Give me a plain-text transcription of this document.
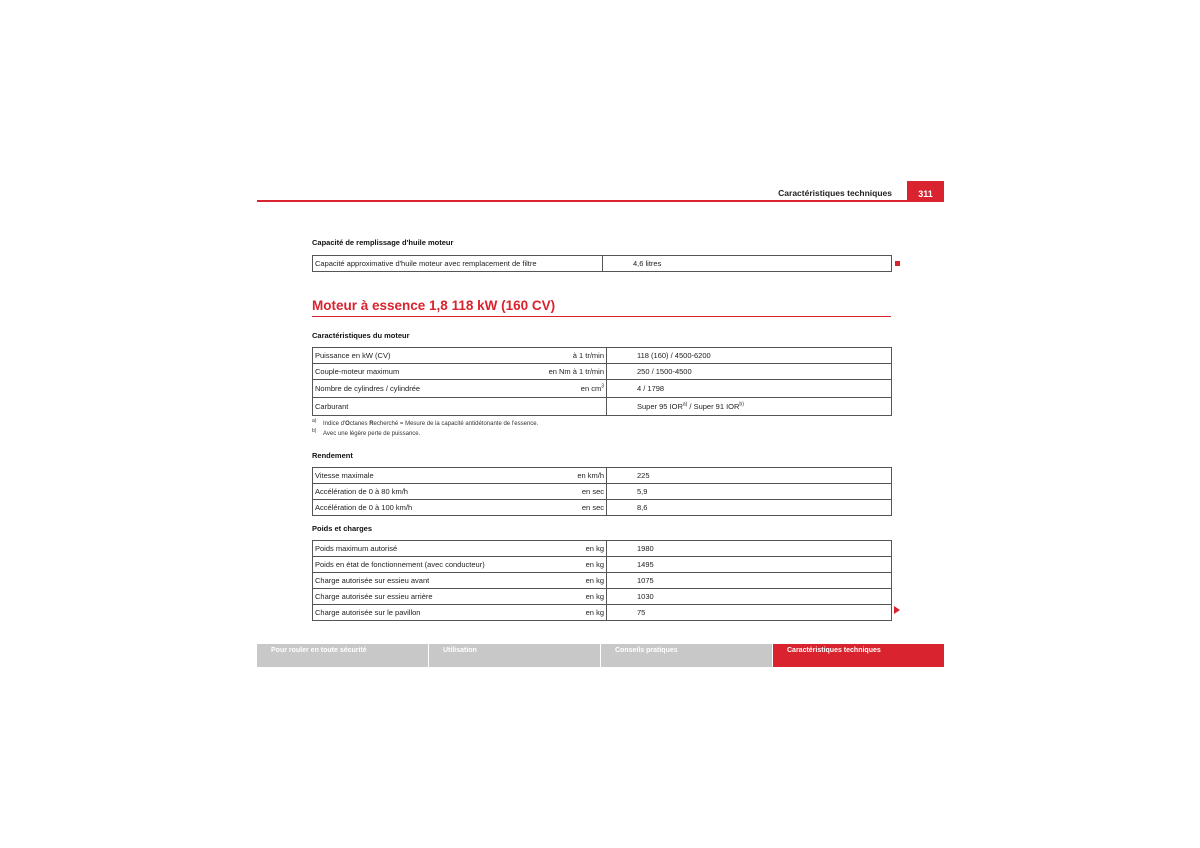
Caractéristiques techniques	311
Capacité de remplissage d'huile moteur
Capacité approximative d'huile moteur avec remplacement de filtre	4,6 litres
Moteur à essence 1,8 118 kW (160 CV)
Caractéristiques du moteur
Puissance en kW (CV)	à 1 tr/min	118 (160) / 4500-6200
Couple-moteur maximum	en Nm à 1 tr/min	250 / 1500-4500
Nombre de cylindres / cylindrée	en $cm^3$	4 / 1798
Carburant		Super 95 IOR$^{a)}$ / Super 91 IOR$^{b)}$
a) Indice d'Octanes Recherché = Mesure de la capacité antidétonante de l'essence.
b) Avec une légère perte de puissance.
Rendement
Vitesse maximale	en km/h	225
Accélération de 0 à 80 km/h	en sec	5,9
Accélération de 0 à 100 km/h	en sec	8,6
Poids et charges
Poids maximum autorisé	en kg	1980
Poids en état de fonctionnement (avec conducteur)	en kg	1495
Charge autorisée sur essieu avant	en kg	1075
Charge autorisée sur essieu arrière	en kg	1030
Charge autorisée sur le pavillon	en kg	75
Pour rouler en toute sécurité	Utilisation	Conseils pratiques	Caractéristiques techniques
